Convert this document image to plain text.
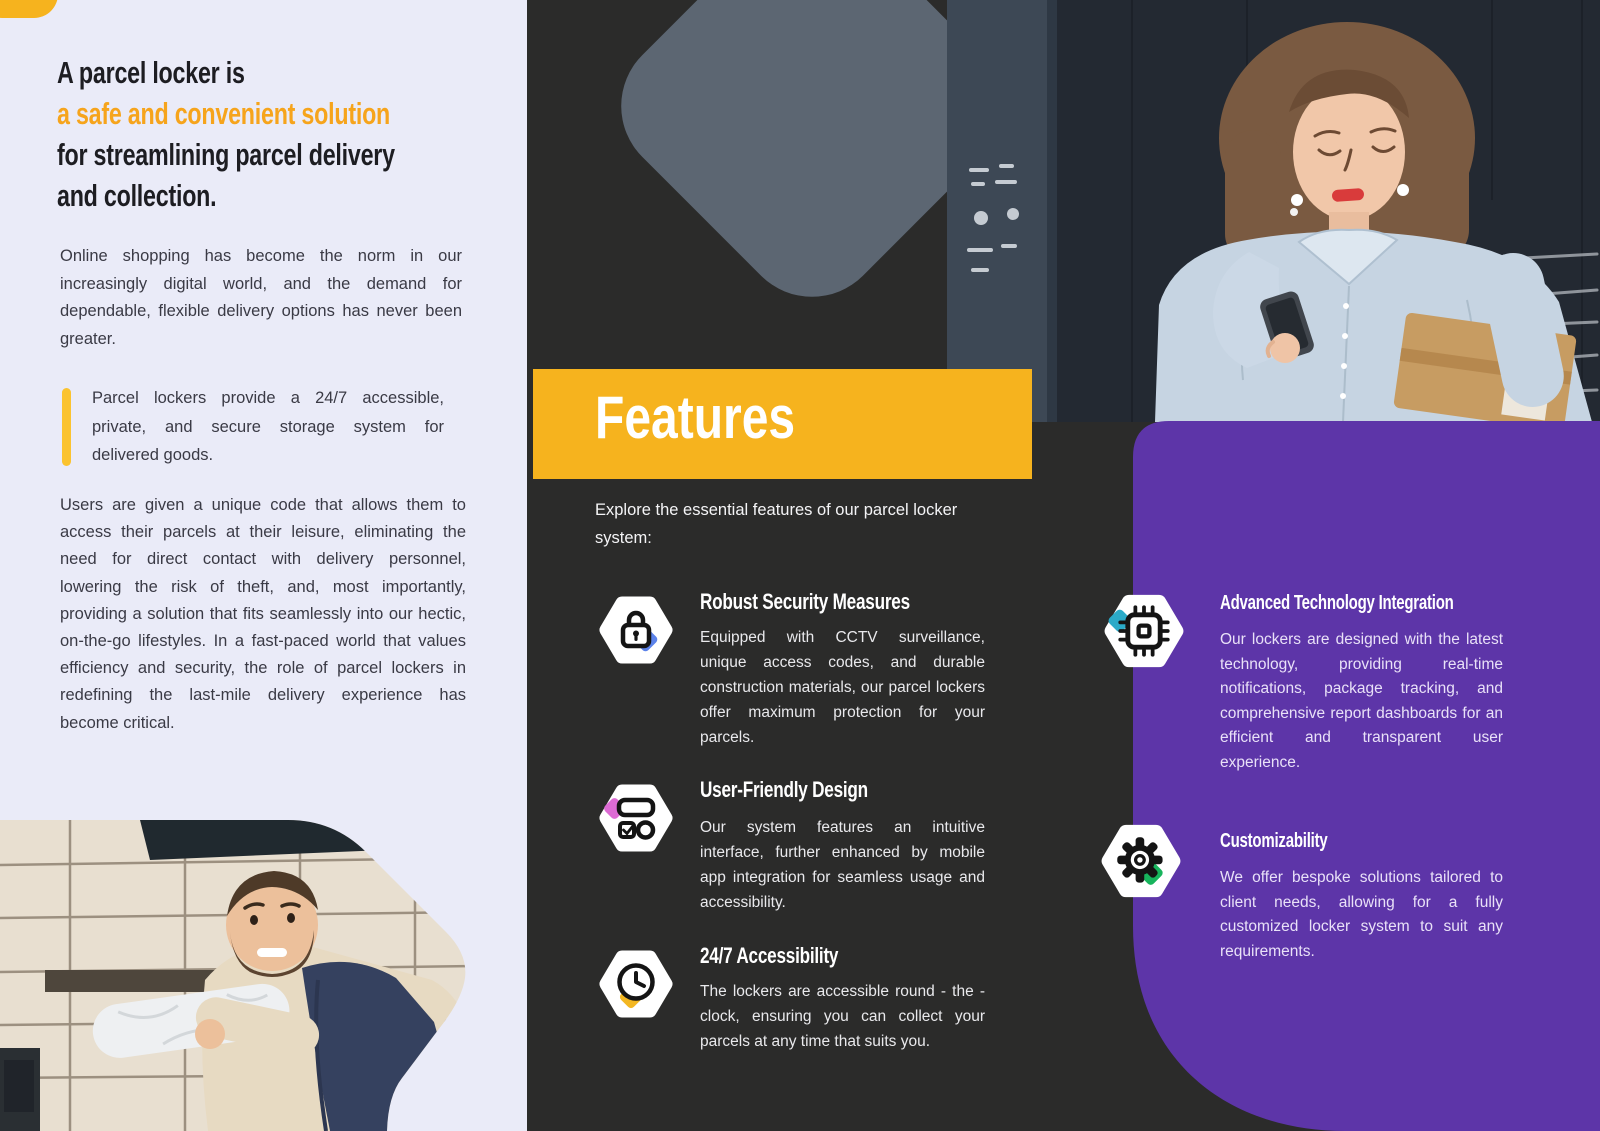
A parcel locker is
a safe and convenient solution
for streamlining parcel delivery
and collection.
Online shopping has become the norm in our increasingly digital world, and the demand for dependable, flexible delivery options has never been greater.
Parcel lockers provide a 24/7 accessible, private, and secure storage system for delivered goods.
Users are given a unique code that allows them to access their parcels at their leisure, eliminating the need for direct contact with delivery personnel, lowering the risk of theft, and, most importantly, providing a solution that fits seamlessly into our hectic, on-the-go lifestyles. In a fast-paced world that values efficiency and security, the role of parcel lockers in redefining the last-mile delivery experience has become critical.
Features
Explore the essential features of our parcel locker system:
Robust Security Measures
Equipped with CCTV surveillance, unique access codes, and durable construction materials, our parcel lockers offer maximum protection for your parcels.
User-Friendly Design
Our system features an intuitive interface, further enhanced by mobile app integration for seamless usage and accessibility.
24/7 Accessibility
The lockers are accessible round - the - clock, ensuring you can collect your parcels at any time that suits you.
Advanced Technology Integration
Our lockers are designed with the latest technology, providing real-time notifications, package tracking, and comprehensive report dashboards for an efficient and transparent user experience.
Customizability
We offer bespoke solutions tailored to client needs, allowing for a fully customized locker system to suit any requirements.
